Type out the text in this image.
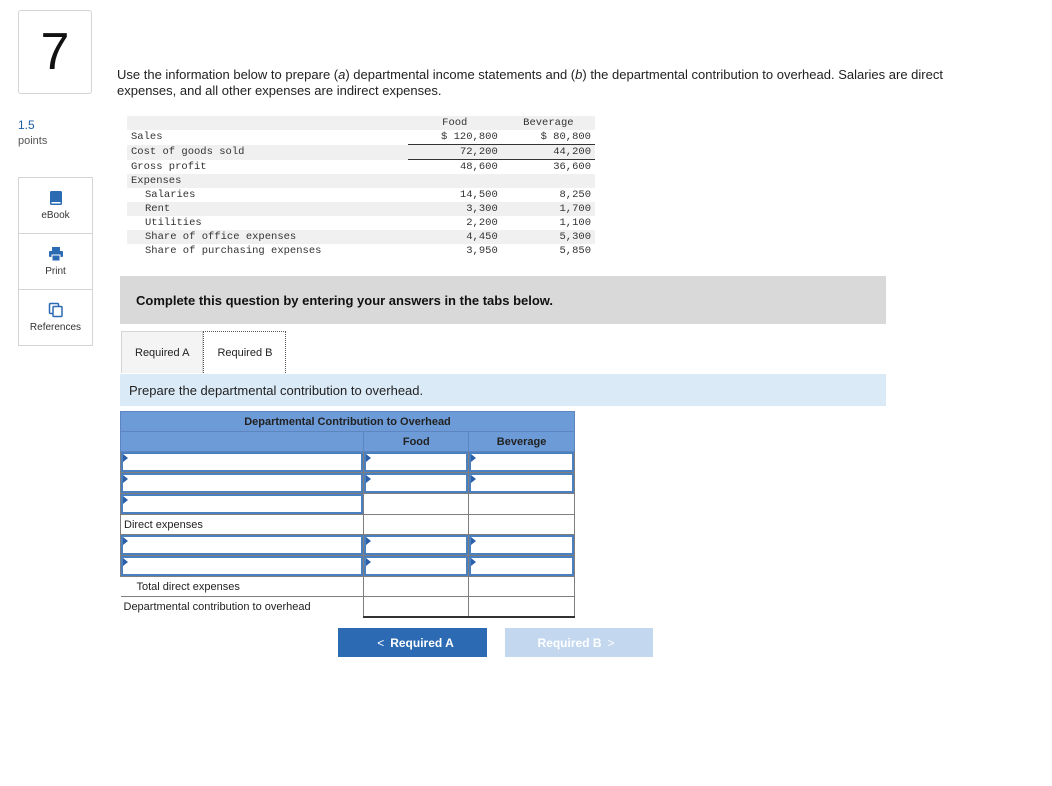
7
1.5
points
eBook
Print
References
Use the information below to prepare (a) departmental income statements and (b) the departmental contribution to overhead. Salaries are direct expenses, and all other expenses are indirect expenses.
	Food	Beverage
Sales	$ 120,800	$ 80,800
Cost of goods sold	72,200	44,200
Gross profit	48,600	36,600
Expenses		
Salaries	14,500	8,250
Rent	3,300	1,700
Utilities	2,200	1,100
Share of office expenses	4,450	5,300
Share of purchasing expenses	3,950	5,850
Complete this question by entering your answers in the tabs below.
Required A	Required B
Prepare the departmental contribution to overhead.
Departmental Contribution to Overhead		
	Food	Beverage

Direct expenses		

Total direct expenses		
Departmental contribution to overhead		
< Required A	Required B >
